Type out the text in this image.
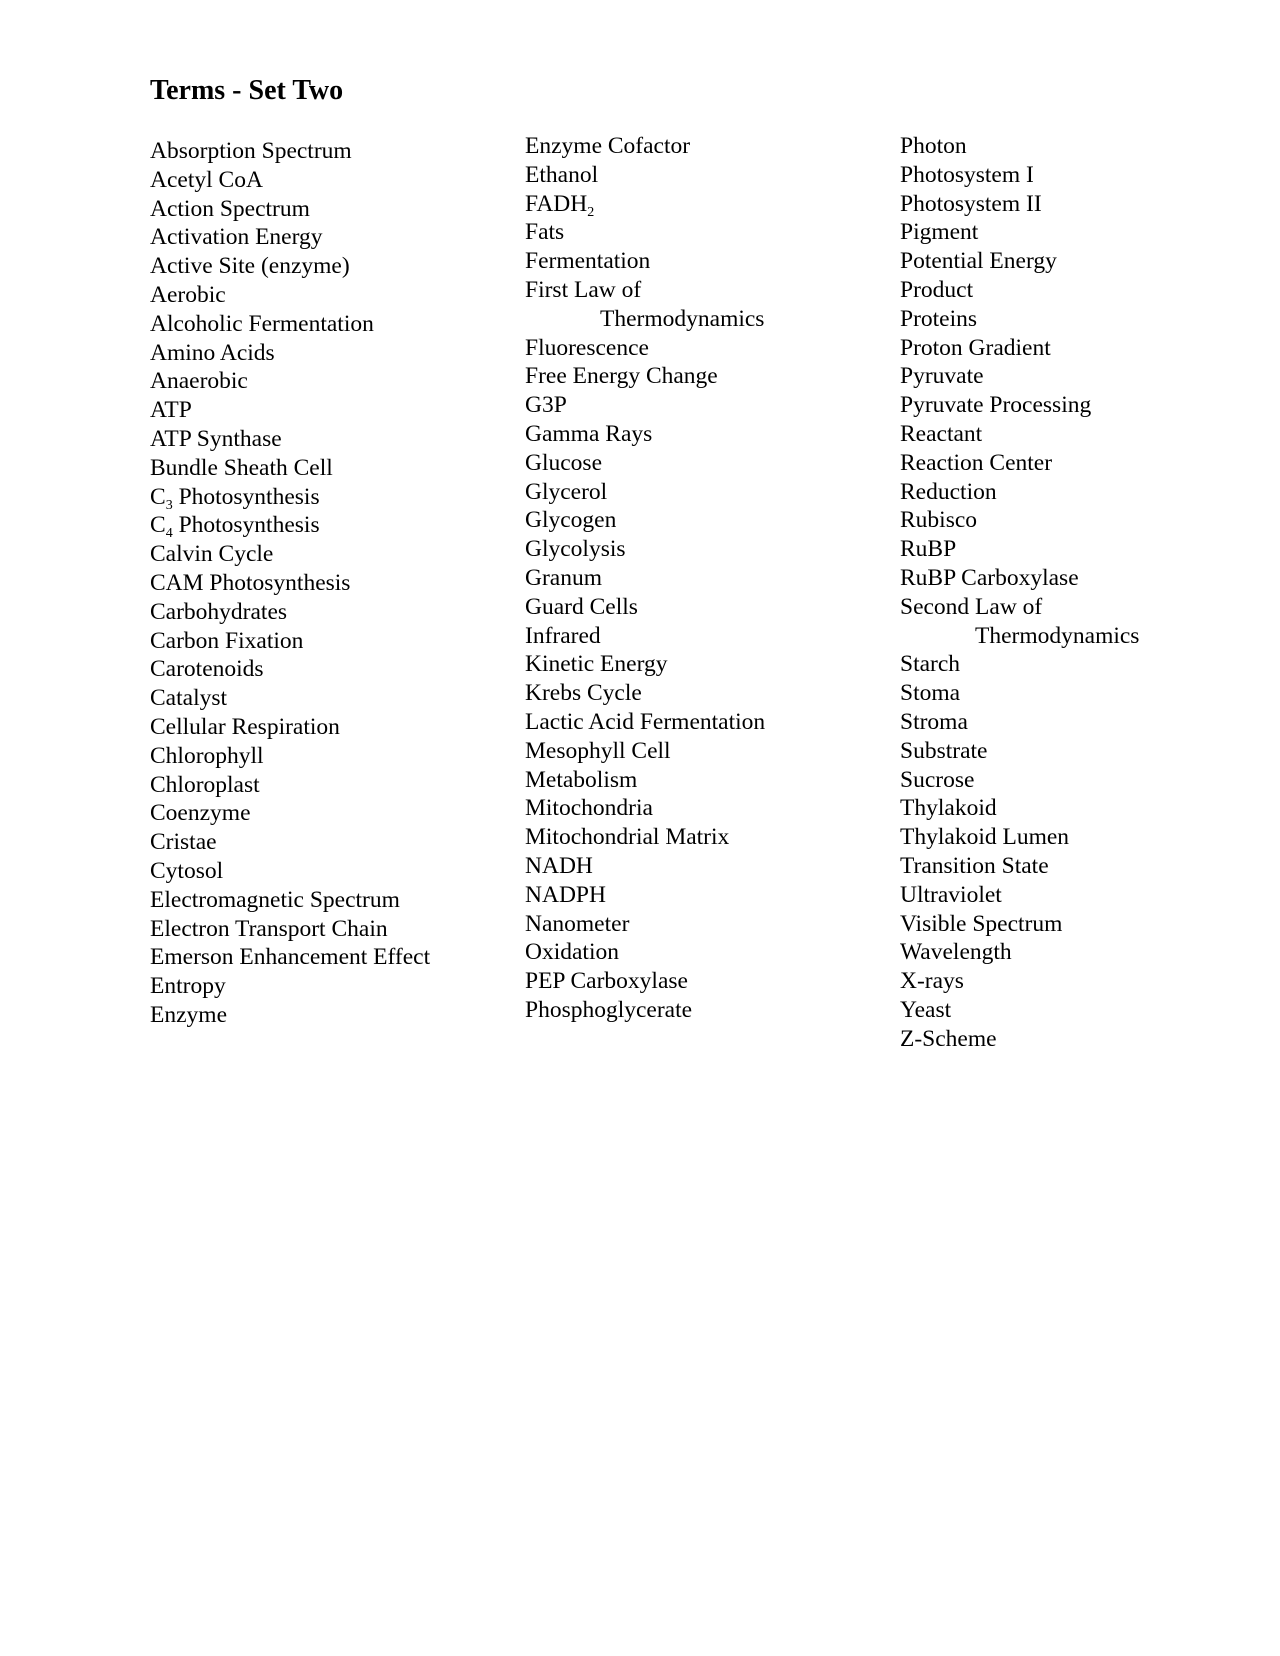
Terms - Set Two
Absorption Spectrum
Acetyl CoA
Action Spectrum
Activation Energy
Active Site (enzyme)
Aerobic
Alcoholic Fermentation
Amino Acids
Anaerobic
ATP
ATP Synthase
Bundle Sheath Cell
$C_3$ Photosynthesis
$C_4$ Photosynthesis
Calvin Cycle
CAM Photosynthesis
Carbohydrates
Carbon Fixation
Carotenoids
Catalyst
Cellular Respiration
Chlorophyll
Chloroplast
Coenzyme
Cristae
Cytosol
Electromagnetic Spectrum
Electron Transport Chain
Emerson Enhancement Effect
Entropy
Enzyme
Enzyme Cofactor
Ethanol
$FADH_2$
Fats
Fermentation
First Law of
Thermodynamics
Fluorescence
Free Energy Change
G3P
Gamma Rays
Glucose
Glycerol
Glycogen
Glycolysis
Granum
Guard Cells
Infrared
Kinetic Energy
Krebs Cycle
Lactic Acid Fermentation
Mesophyll Cell
Metabolism
Mitochondria
Mitochondrial Matrix
NADH
NADPH
Nanometer
Oxidation
PEP Carboxylase
Phosphoglycerate
Photon
Photosystem I
Photosystem II
Pigment
Potential Energy
Product
Proteins
Proton Gradient
Pyruvate
Pyruvate Processing
Reactant
Reaction Center
Reduction
Rubisco
RuBP
RuBP Carboxylase
Second Law of
Thermodynamics
Starch
Stoma
Stroma
Substrate
Sucrose
Thylakoid
Thylakoid Lumen
Transition State
Ultraviolet
Visible Spectrum
Wavelength
X-rays
Yeast
Z-Scheme
